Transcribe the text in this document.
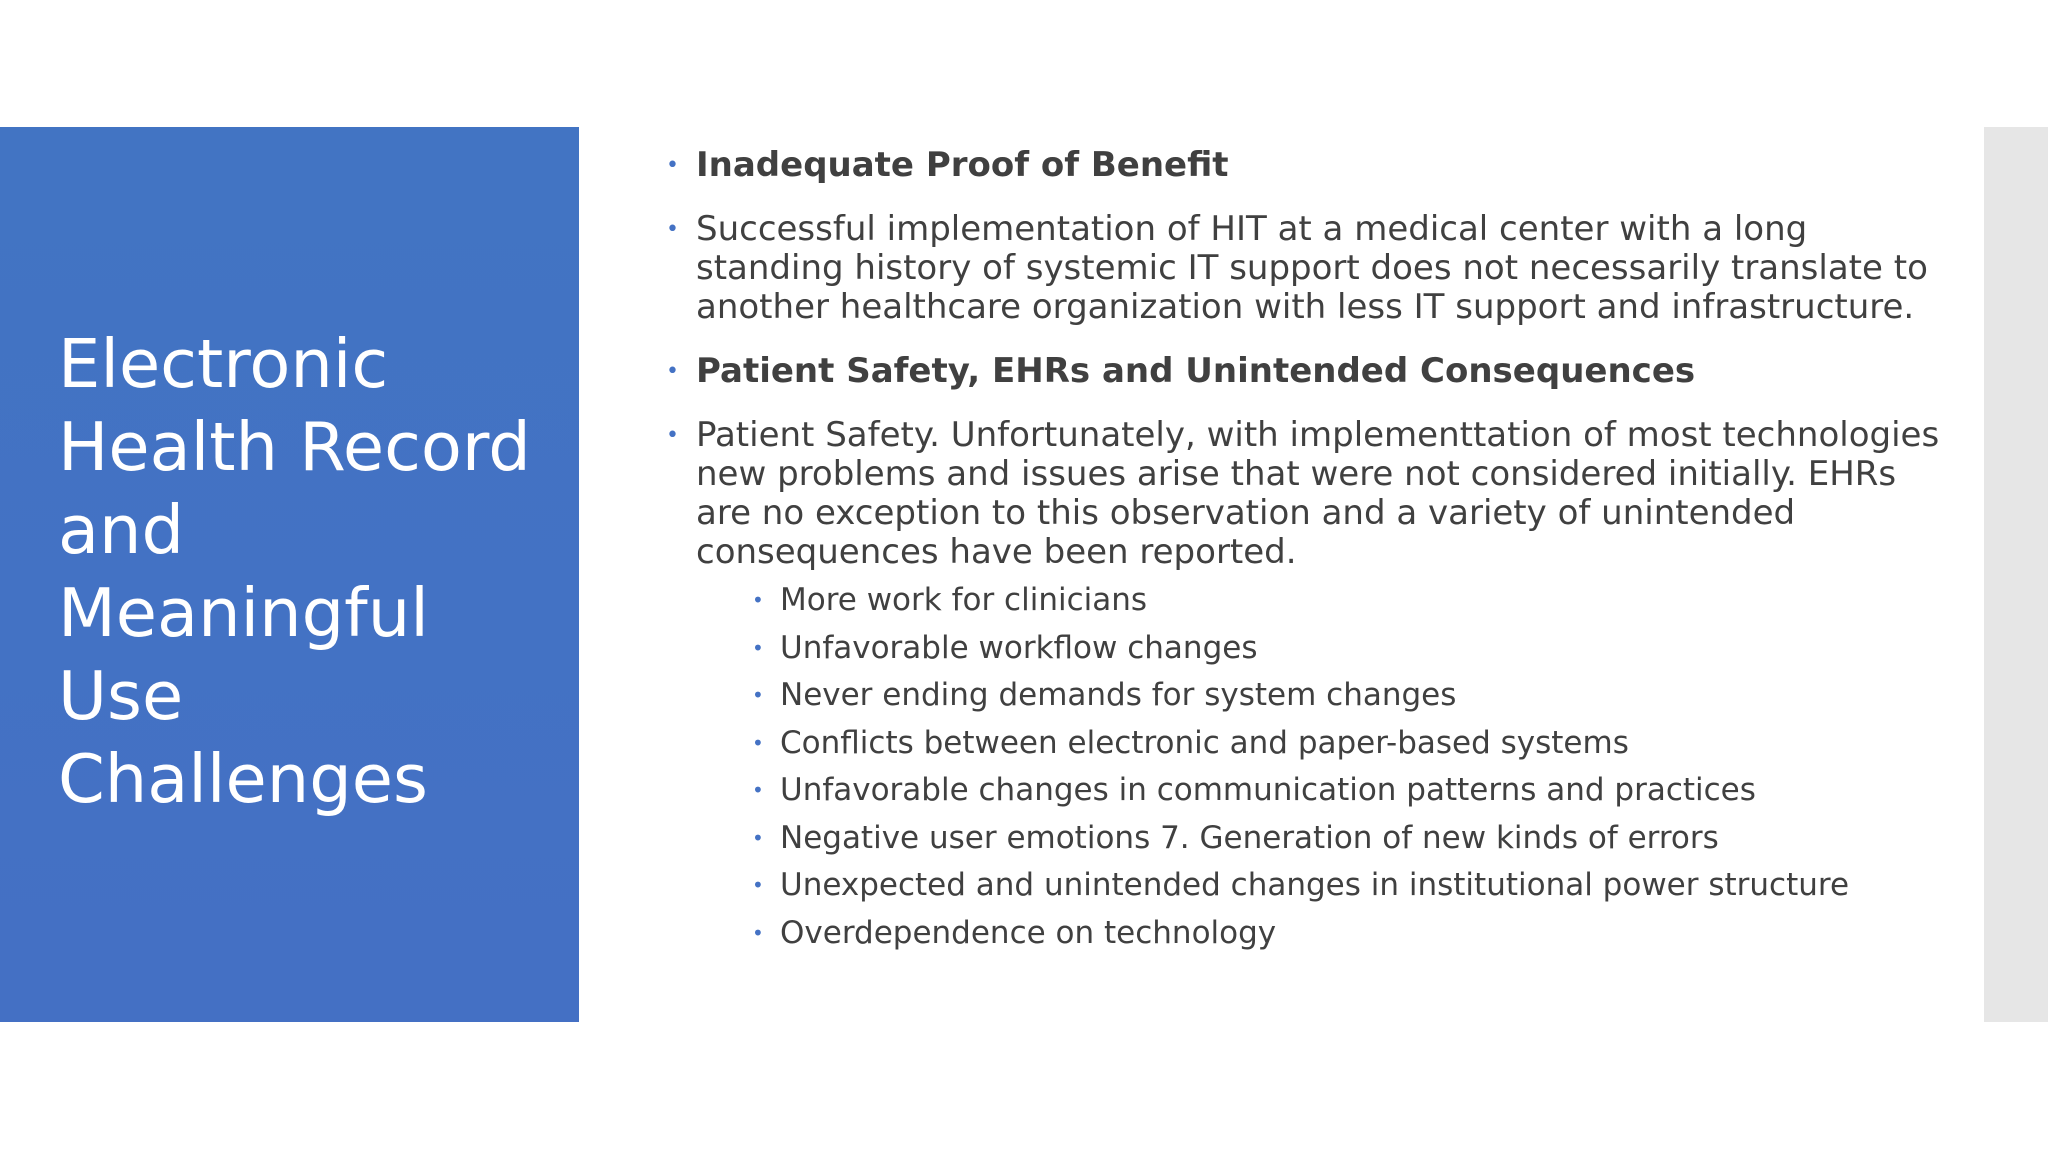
Electronic
Health Record
and
Meaningful
Use
Challenges
• Inadequate Proof of Benefit
• Successful implementation of HIT at a medical center with a long standing history of systemic IT support does not necessarily translate to another healthcare organization with less IT support and infrastructure.
• Patient Safety, EHRs and Unintended Consequences
• Patient Safety. Unfortunately, with implementtation of most technologies new problems and issues arise that were not considered initially. EHRs are no exception to this observation and a variety of unintended consequences have been reported.
• More work for clinicians
• Unfavorable workflow changes
• Never ending demands for system changes
• Conflicts between electronic and paper-based systems
• Unfavorable changes in communication patterns and practices
• Negative user emotions 7. Generation of new kinds of errors
• Unexpected and unintended changes in institutional power structure
• Overdependence on technology
